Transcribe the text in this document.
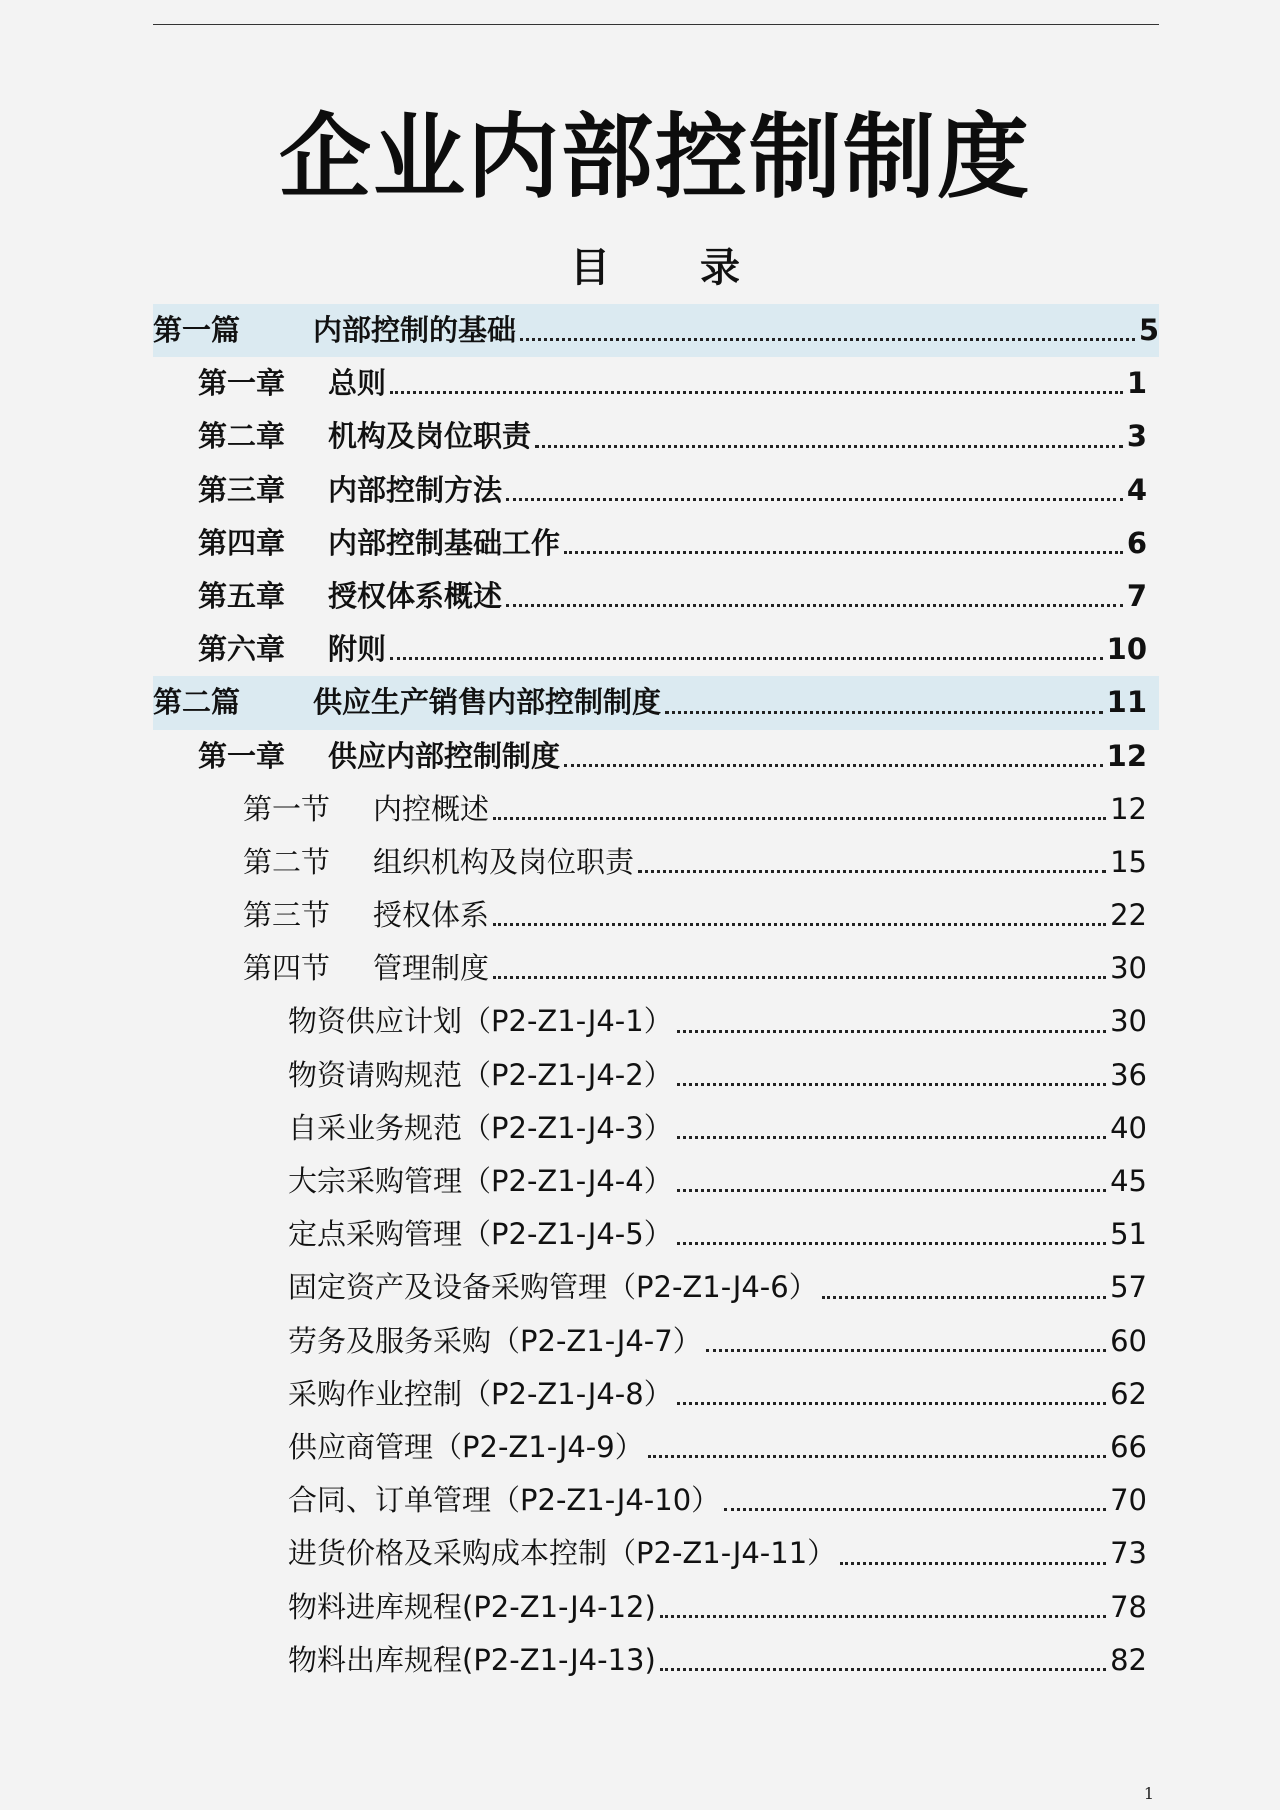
企业内部控制制度
目 录
第一篇	内部控制的基础	5
第一章	总则	1
第二章	机构及岗位职责	3
第三章	内部控制方法	4
第四章	内部控制基础工作	6
第五章	授权体系概述	7
第六章	附则	10
第二篇	供应生产销售内部控制制度	11
第一章	供应内部控制制度	12
第一节	内控概述	12
第二节	组织机构及岗位职责	15
第三节	授权体系	22
第四节	管理制度	30
物资供应计划（P2-Z1-J4-1）	30
物资请购规范（P2-Z1-J4-2）	36
自采业务规范（P2-Z1-J4-3）	40
大宗采购管理（P2-Z1-J4-4）	45
定点采购管理（P2-Z1-J4-5）	51
固定资产及设备采购管理（P2-Z1-J4-6）	57
劳务及服务采购（P2-Z1-J4-7）	60
采购作业控制（P2-Z1-J4-8）	62
供应商管理（P2-Z1-J4-9）	66
合同、订单管理（P2-Z1-J4-10）	70
进货价格及采购成本控制（P2-Z1-J4-11）	73
物料进库规程(P2-Z1-J4-12)	78
物料出库规程(P2-Z1-J4-13)	82
1
